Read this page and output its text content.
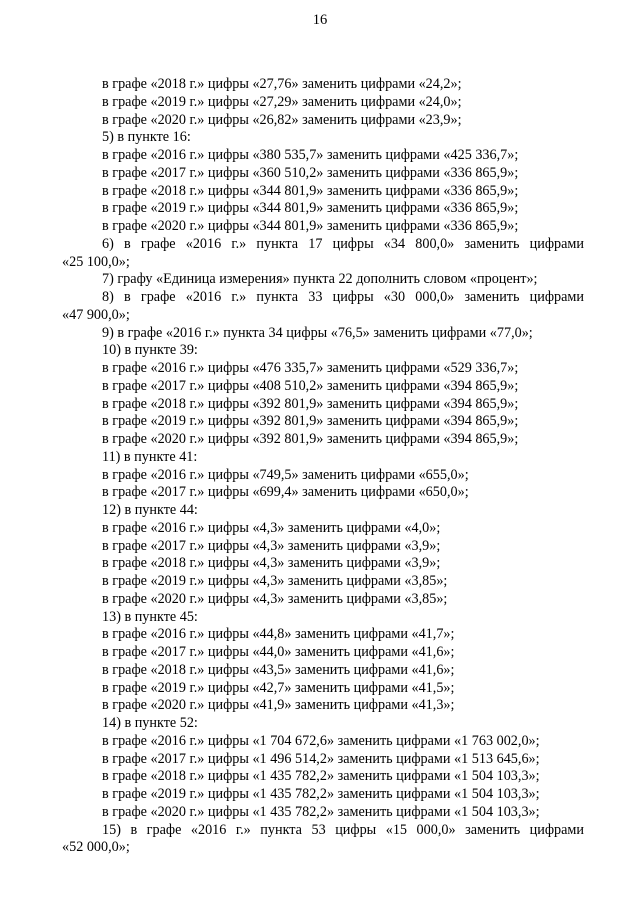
16
в графе «2018 г.» цифры «27,76» заменить цифрами «24,2»;
в графе «2019 г.» цифры «27,29» заменить цифрами «24,0»;
в графе «2020 г.» цифры «26,82» заменить цифрами «23,9»;
5) в пункте 16:
в графе «2016 г.» цифры «380 535,7» заменить цифрами «425 336,7»;
в графе «2017 г.» цифры «360 510,2» заменить цифрами «336 865,9»;
в графе «2018 г.» цифры «344 801,9» заменить цифрами «336 865,9»;
в графе «2019 г.» цифры «344 801,9» заменить цифрами «336 865,9»;
в графе «2020 г.» цифры «344 801,9» заменить цифрами «336 865,9»;
6) в графе «2016 г.» пункта 17 цифры «34 800,0» заменить цифрами
«25 100,0»;
7) графу «Единица измерения» пункта 22 дополнить словом «процент»;
8) в графе «2016 г.» пункта 33 цифры «30 000,0» заменить цифрами
«47 900,0»;
9) в графе «2016 г.» пункта 34 цифры «76,5» заменить цифрами «77,0»;
10) в пункте 39:
в графе «2016 г.» цифры «476 335,7» заменить цифрами «529 336,7»;
в графе «2017 г.» цифры «408 510,2» заменить цифрами «394 865,9»;
в графе «2018 г.» цифры «392 801,9» заменить цифрами «394 865,9»;
в графе «2019 г.» цифры «392 801,9» заменить цифрами «394 865,9»;
в графе «2020 г.» цифры «392 801,9» заменить цифрами «394 865,9»;
11) в пункте 41:
в графе «2016 г.» цифры «749,5» заменить цифрами «655,0»;
в графе «2017 г.» цифры «699,4» заменить цифрами «650,0»;
12) в пункте 44:
в графе «2016 г.» цифры «4,3» заменить цифрами «4,0»;
в графе «2017 г.» цифры «4,3» заменить цифрами «3,9»;
в графе «2018 г.» цифры «4,3» заменить цифрами «3,9»;
в графе «2019 г.» цифры «4,3» заменить цифрами «3,85»;
в графе «2020 г.» цифры «4,3» заменить цифрами «3,85»;
13) в пункте 45:
в графе «2016 г.» цифры «44,8» заменить цифрами «41,7»;
в графе «2017 г.» цифры «44,0» заменить цифрами «41,6»;
в графе «2018 г.» цифры «43,5» заменить цифрами «41,6»;
в графе «2019 г.» цифры «42,7» заменить цифрами «41,5»;
в графе «2020 г.» цифры «41,9» заменить цифрами «41,3»;
14) в пункте 52:
в графе «2016 г.» цифры «1 704 672,6» заменить цифрами «1 763 002,0»;
в графе «2017 г.» цифры «1 496 514,2» заменить цифрами «1 513 645,6»;
в графе «2018 г.» цифры «1 435 782,2» заменить цифрами «1 504 103,3»;
в графе «2019 г.» цифры «1 435 782,2» заменить цифрами «1 504 103,3»;
в графе «2020 г.» цифры «1 435 782,2» заменить цифрами «1 504 103,3»;
15) в графе «2016 г.» пункта 53 цифры «15 000,0» заменить цифрами
«52 000,0»;
